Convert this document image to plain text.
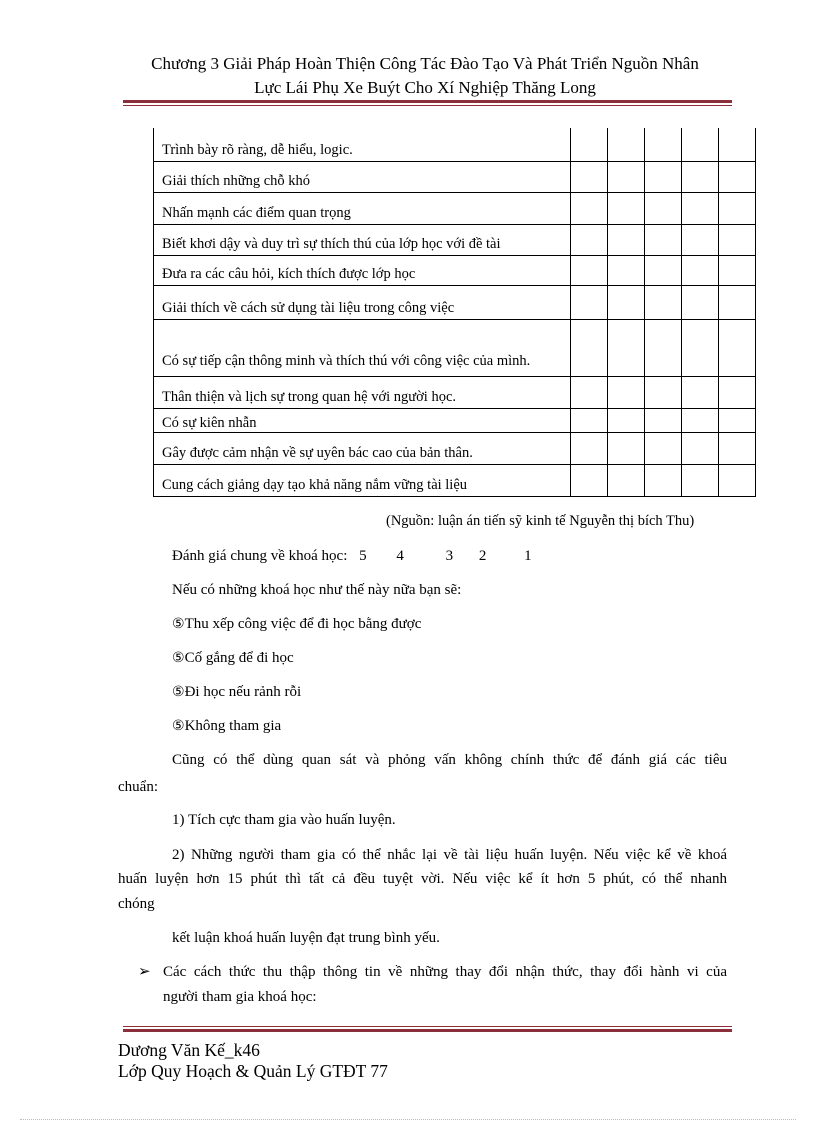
Chương 3 Giải Pháp Hoàn Thiện Công Tác Đào Tạo Và Phát Triển Nguồn Nhân
Lực Lái Phụ Xe Buýt Cho Xí Nghiệp Thăng Long
Trình bày rõ ràng, dễ hiểu, logic.					
Giải thích những chỗ khó					
Nhấn mạnh các điểm quan trọng					
Biết khơi dậy và duy trì sự thích thú của lớp học với đề tài					
Đưa ra các câu hỏi, kích thích được lớp học					
Giải thích về cách sử dụng tài liệu trong công việc					
Có sự tiếp cận thông minh và thích thú với công việc của mình.					
Thân thiện và lịch sự trong quan hệ với người học.					
Có sự kiên nhẫn					
Gây được cảm nhận về sự uyên bác cao của bản thân.					
Cung cách giảng dạy tạo khả năng nắm vững tài liệu					
(Nguồn: luận án tiến sỹ kinh tế Nguyễn thị bích Thu)
Đánh giá chung về khoá học: 5 4	3 2	1
Nếu có những khoá học như thế này nữa bạn sẽ:
⑤Thu xếp công việc để đi học bằng được
⑤Cố gắng để đi học
⑤Đi học nếu rảnh rỗi
⑤Không tham gia
Cũng có thể dùng quan sát và phỏng vấn không chính thức để đánh giá các tiêu
chuẩn:
1) Tích cực tham gia vào huấn luyện.
2) Những người tham gia có thể nhắc lại về tài liệu huấn luyện. Nếu việc kể về khoá
huấn luyện hơn 15 phút thì tất cả đều tuyệt vời. Nếu việc kể ít hơn 5 phút, có thể nhanh
chóng
kết luận khoá huấn luyện đạt trung bình yếu.
➢ Các cách thức thu thập thông tin về những thay đổi nhận thức, thay đổi hành vi của
người tham gia khoá học:
Dương Văn Kế_k46
Lớp Quy Hoạch & Quản Lý GTĐT 77
